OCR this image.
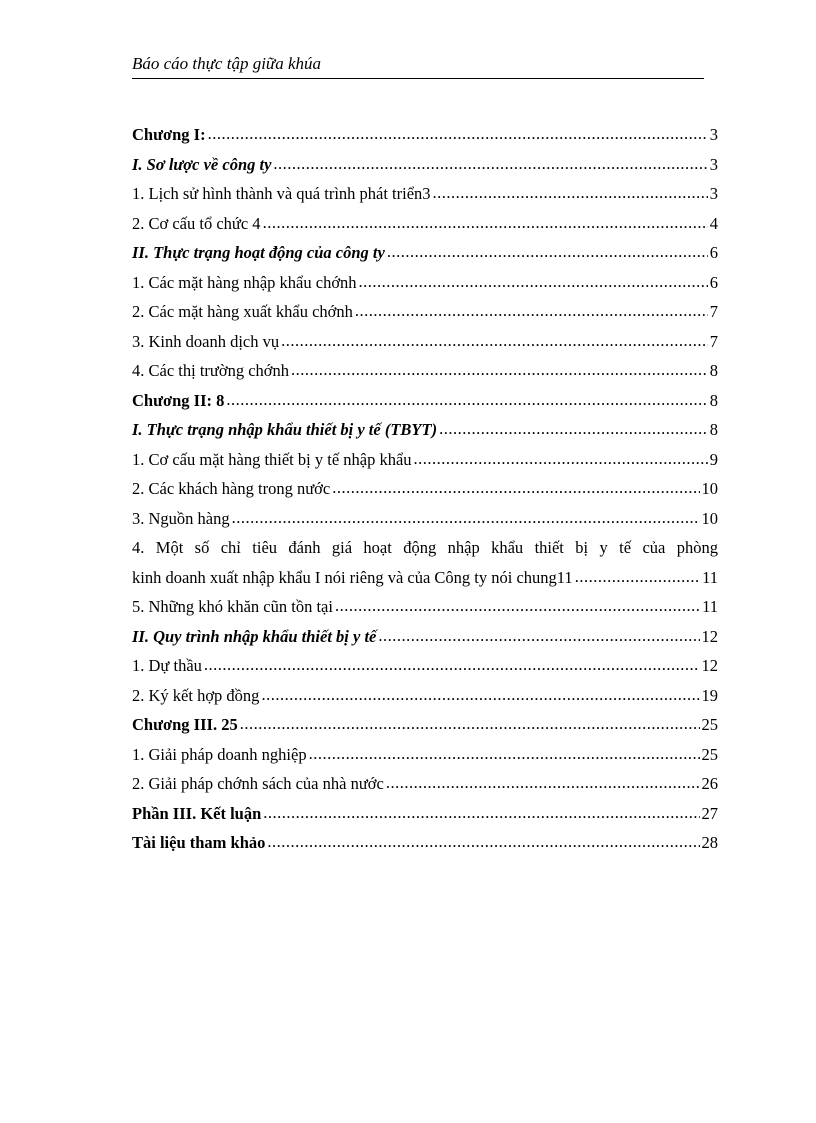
Báo cáo thực tập giữa khúa
Chương I: .....	3
I. Sơ lược về công ty .....	3
1. Lịch sử hình thành và quá trình phát triển3 .....	3
2. Cơ cấu tổ chức 4 .....	4
II. Thực trạng hoạt động của công ty .....	6
1. Các mặt hàng nhập khẩu chớnh .....	6
2. Các mặt hàng xuất khẩu chớnh .....	7
3. Kinh doanh dịch vụ .....	7
4. Các thị trường chớnh .....	8
Chương II: 8 .....	8
I. Thực trạng nhập khẩu thiết bị y tế (TBYT) .....	8
1. Cơ cấu mặt hàng thiết bị y tế nhập khẩu .....	9
2. Các khách hàng trong nước .....	10
3. Nguồn hàng .....	10
4. Một số chỉ tiêu đánh giá hoạt động nhập khẩu thiết bị y tế của phòng
kinh doanh xuất nhập khẩu I nói riêng và của Công ty nói chung11 .....	11
5. Những khó khăn cũn tồn tại .....	11
II. Quy trình nhập khẩu thiết bị y tế .....	12
1. Dự thầu .....	12
2. Ký kết hợp đồng .....	19
Chương III. 25 .....	25
1. Giải pháp doanh nghiệp .....	25
2. Giải pháp chớnh sách của nhà nước .....	26
Phần III. Kết luận .....	27
Tài liệu tham khảo .....	28
